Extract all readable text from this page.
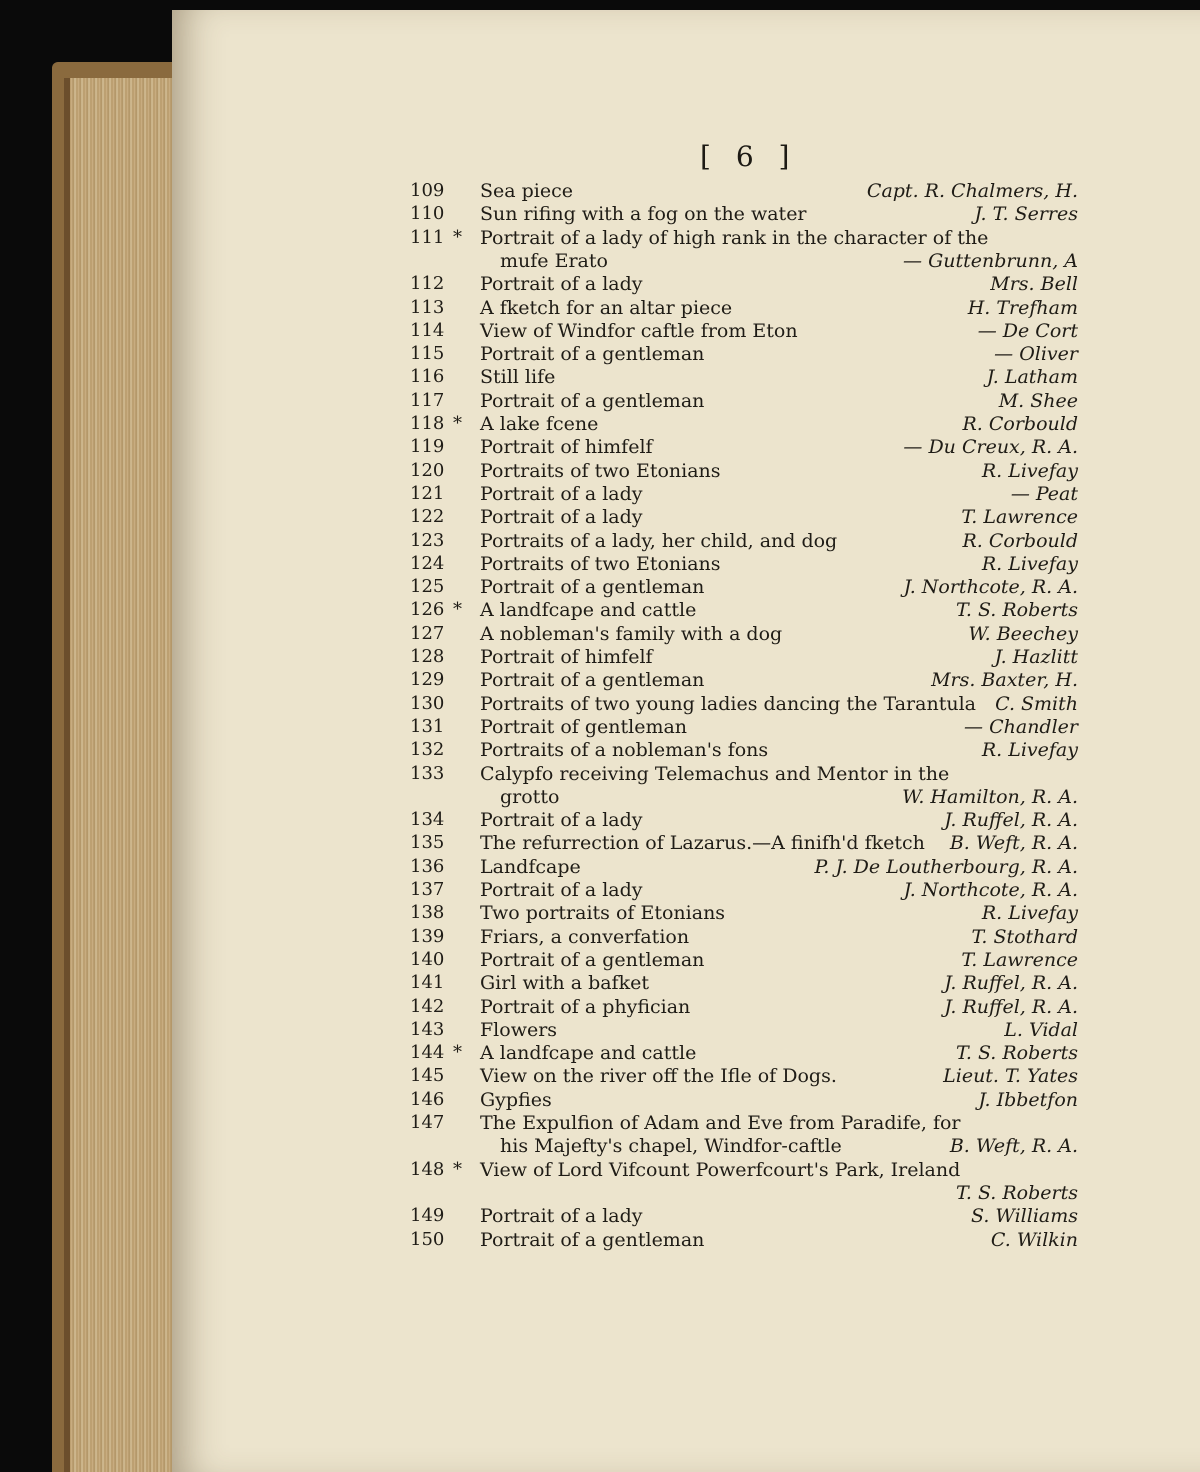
[ 6 ]
109 Sea piece	Capt. R. Chalmers, H.
110 Sun rifing with a fog on the water	J. T. Serres
111 * Portrait of a lady of high rank in the character of the
mufe Erato	— Guttenbrunn, A
112 Portrait of a lady	Mrs. Bell
113 A fketch for an altar piece	H. Trefham
114 View of Windfor caftle from Eton	— De Cort
115 Portrait of a gentleman	— Oliver
116 Still life	J. Latham
117 Portrait of a gentleman	M. Shee
118 * A lake fcene	R. Corbould
119 Portrait of himfelf	— Du Creux, R. A.
120 Portraits of two Etonians	R. Livefay
121 Portrait of a lady	— Peat
122 Portrait of a lady	T. Lawrence
123 Portraits of a lady, her child, and dog	R. Corbould
124 Portraits of two Etonians	R. Livefay
125 Portrait of a gentleman	J. Northcote, R. A.
126 * A landfcape and cattle	T. S. Roberts
127 A nobleman's family with a dog	W. Beechey
128 Portrait of himfelf	J. Hazlitt
129 Portrait of a gentleman	Mrs. Baxter, H.
130 Portraits of two young ladies dancing the Tarantula C. Smith
131 Portrait of gentleman	— Chandler
132 Portraits of a nobleman's fons	R. Livefay
133 Calypfo receiving Telemachus and Mentor in the
grotto	W. Hamilton, R. A.
134 Portrait of a lady	J. Ruffel, R. A.
135 The refurrection of Lazarus.—A finifh'd fketch B. Weft, R. A.
136 Landfcape	P. J. De Loutherbourg, R. A.
137 Portrait of a lady	J. Northcote, R. A.
138 Two portraits of Etonians	R. Livefay
139 Friars, a converfation	T. Stothard
140 Portrait of a gentleman	T. Lawrence
141 Girl with a bafket	J. Ruffel, R. A.
142 Portrait of a phyfician	J. Ruffel, R. A.
143 Flowers	L. Vidal
144 * A landfcape and cattle	T. S. Roberts
145 View on the river off the Ifle of Dogs.	Lieut. T. Yates
146 Gypfies	J. Ibbetfon
147 The Expulfion of Adam and Eve from Paradife, for
his Majefty's chapel, Windfor-caftle	B. Weft, R. A.
148 * View of Lord Vifcount Powerfcourt's Park, Ireland
T. S. Roberts
149 Portrait of a lady	S. Williams
150 Portrait of a gentleman	C. Wilkin
